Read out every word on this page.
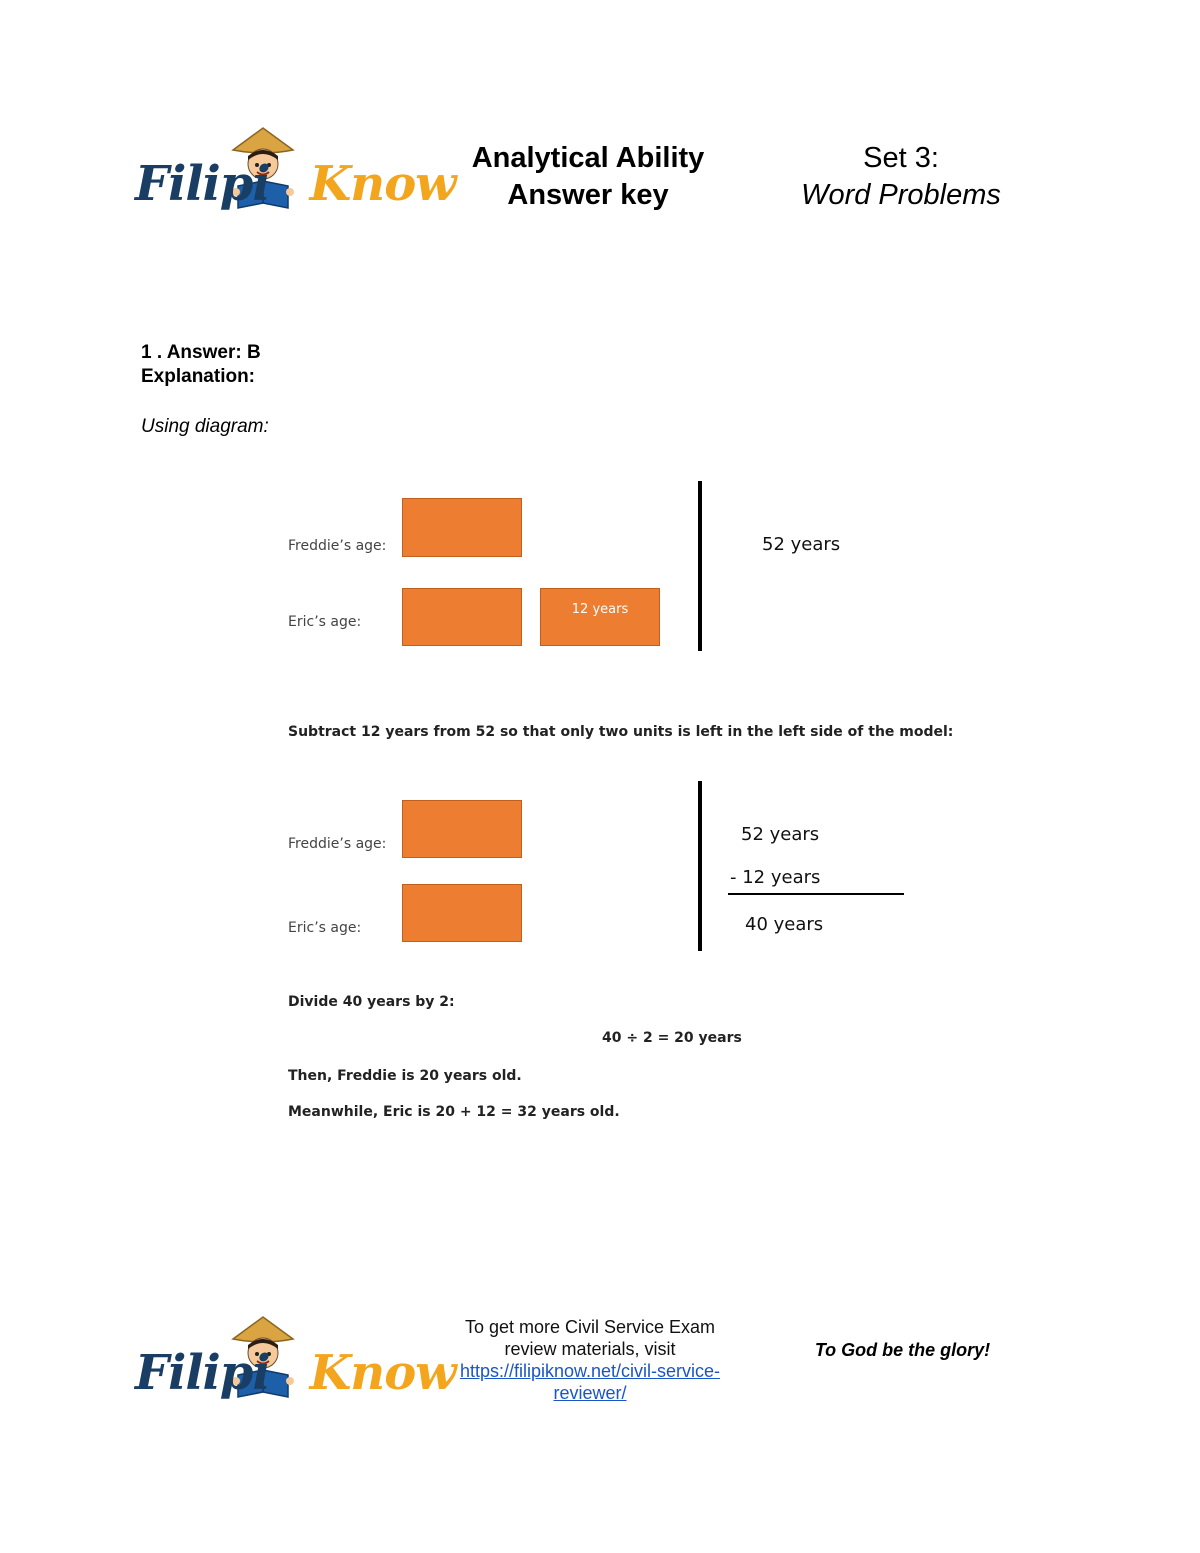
Filipi Know Analytical Ability
Answer key
Set 3:
Word Problems
1 . Answer: B
Explanation:
Using diagram:
Freddie’s age:
Eric’s age:
12 years
52 years
Subtract 12 years from 52 so that only two units is left in the left side of the model:
Freddie’s age:
Eric’s age:
52 years
- 12 years
40 years
Divide 40 years by 2:
40 ÷ 2 = 20 years
Then, Freddie is 20 years old.
Meanwhile, Eric is 20 + 12 = 32 years old.
Filipi Know
To get more Civil Service Exam
review materials, visit
https://filipiknow.net/civil-service-
reviewer/
To God be the glory!
